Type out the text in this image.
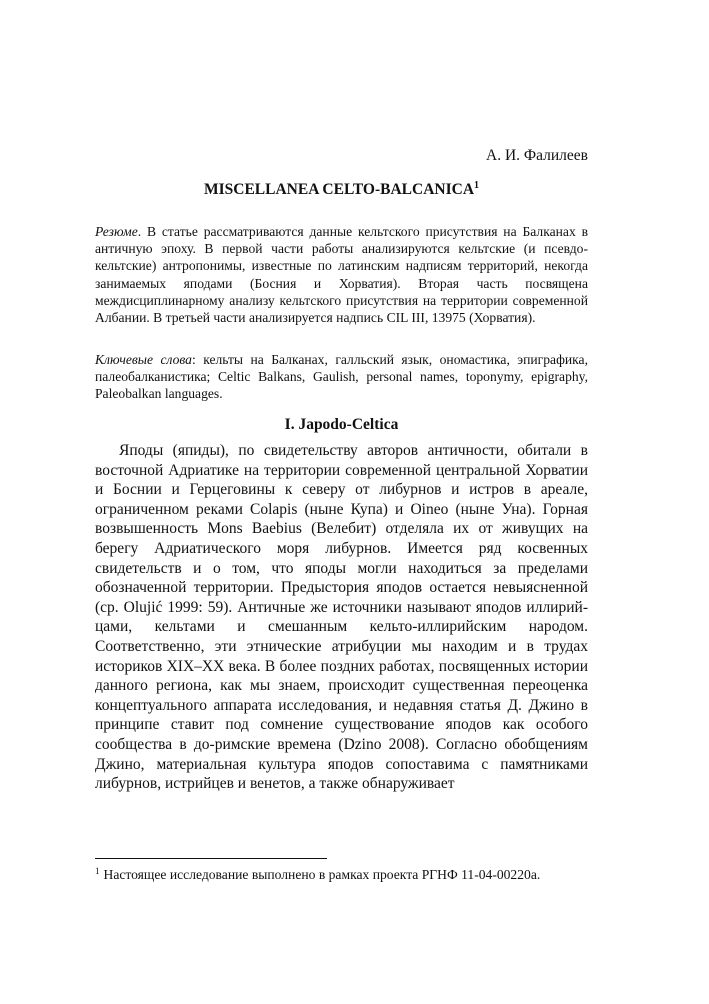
А. И. Фалилеев
MISCELLANEA CELTO-BALCANICA$^1$
Резюме. В статье рассматриваются данные кельтского присутствия на Балканах в античную эпоху. В первой части работы анализируются кельтские (и псевдо-кельтские) антропонимы, известные по латинским надписям территорий, некогда занимаемых яподами (Босния и Хорватия). Вторая часть посвящена междисциплинарному анализу кельтского присутствия на территории современной Албании. В третьей части анализируется надпись CIL III, 13975 (Хорватия).
Ключевые слова: кельты на Балканах, галльский язык, ономастика, эпиграфика, палеобалканистика; Celtic Balkans, Gaulish, personal names, toponymy, epigraphy, Paleobalkan languages.
I. Japodo-Celtica

Яподы (япиды), по свидетельству авторов античности, обитали в восточной Адриатике на территории современной центральной Хорватии и Боснии и Герцеговины к северу от либурнов и истров в ареале, ограниченном реками Colapis (ныне Купа) и Oineo (ныне Уна). Горная возвышенность Mons Baebius (Велебит) отделяла их от живущих на берегу Адриатического моря либурнов. Имеется ряд косвенных свидетельств и о том, что яподы могли находиться за пределами обозначенной территории. Предыстория яподов остается невыясненной (ср. Olujić 1999: 59). Античные же источники называют яподов иллирийцами, кельтами и смешанным кельто-иллирийским народом. Соответственно, эти этнические атрибуции мы находим и в трудах историков XIX–XX века. В более поздних работах, посвященных истории данного региона, как мы знаем, происходит существенная переоценка концептуального аппарата исследования, и недавняя статья Д. Джино в принципе ставит под сомнение существование яподов как особого сообщества в до-римские времена (Dzino 2008). Согласно обобщениям Джино, материальная культура яподов сопоставима с памятниками либурнов, истрийцев и венетов, а также обнаруживает

$^1$ Настоящее исследование выполнено в рамках проекта РГНФ 11-04-00220а.
